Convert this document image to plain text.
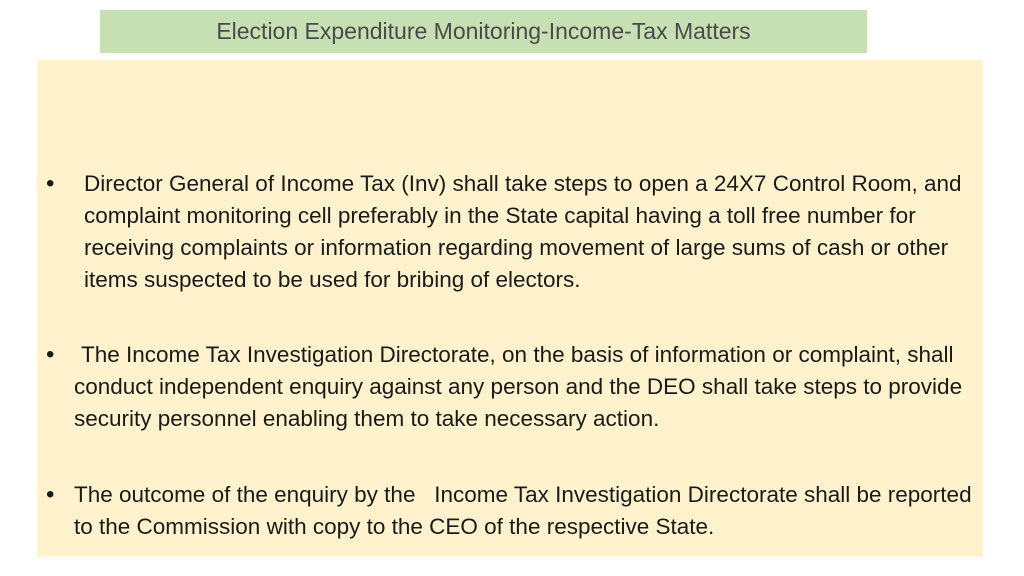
Election Expenditure Monitoring-Income-Tax Matters
• Director General of Income Tax (Inv) shall take steps to open a 24X7 Control Room, and complaint monitoring cell preferably in the State capital having a toll free number for receiving complaints or information regarding movement of large sums of cash or other items suspected to be used for bribing of electors.

•	The Income Tax Investigation Directorate, on the basis of information or complaint, shall conduct independent enquiry against any person and the DEO shall take steps to provide security personnel enabling them to take necessary action.

• The outcome of the enquiry by the   Income Tax Investigation Directorate shall be reported to the Commission with copy to the CEO of the respective State.
